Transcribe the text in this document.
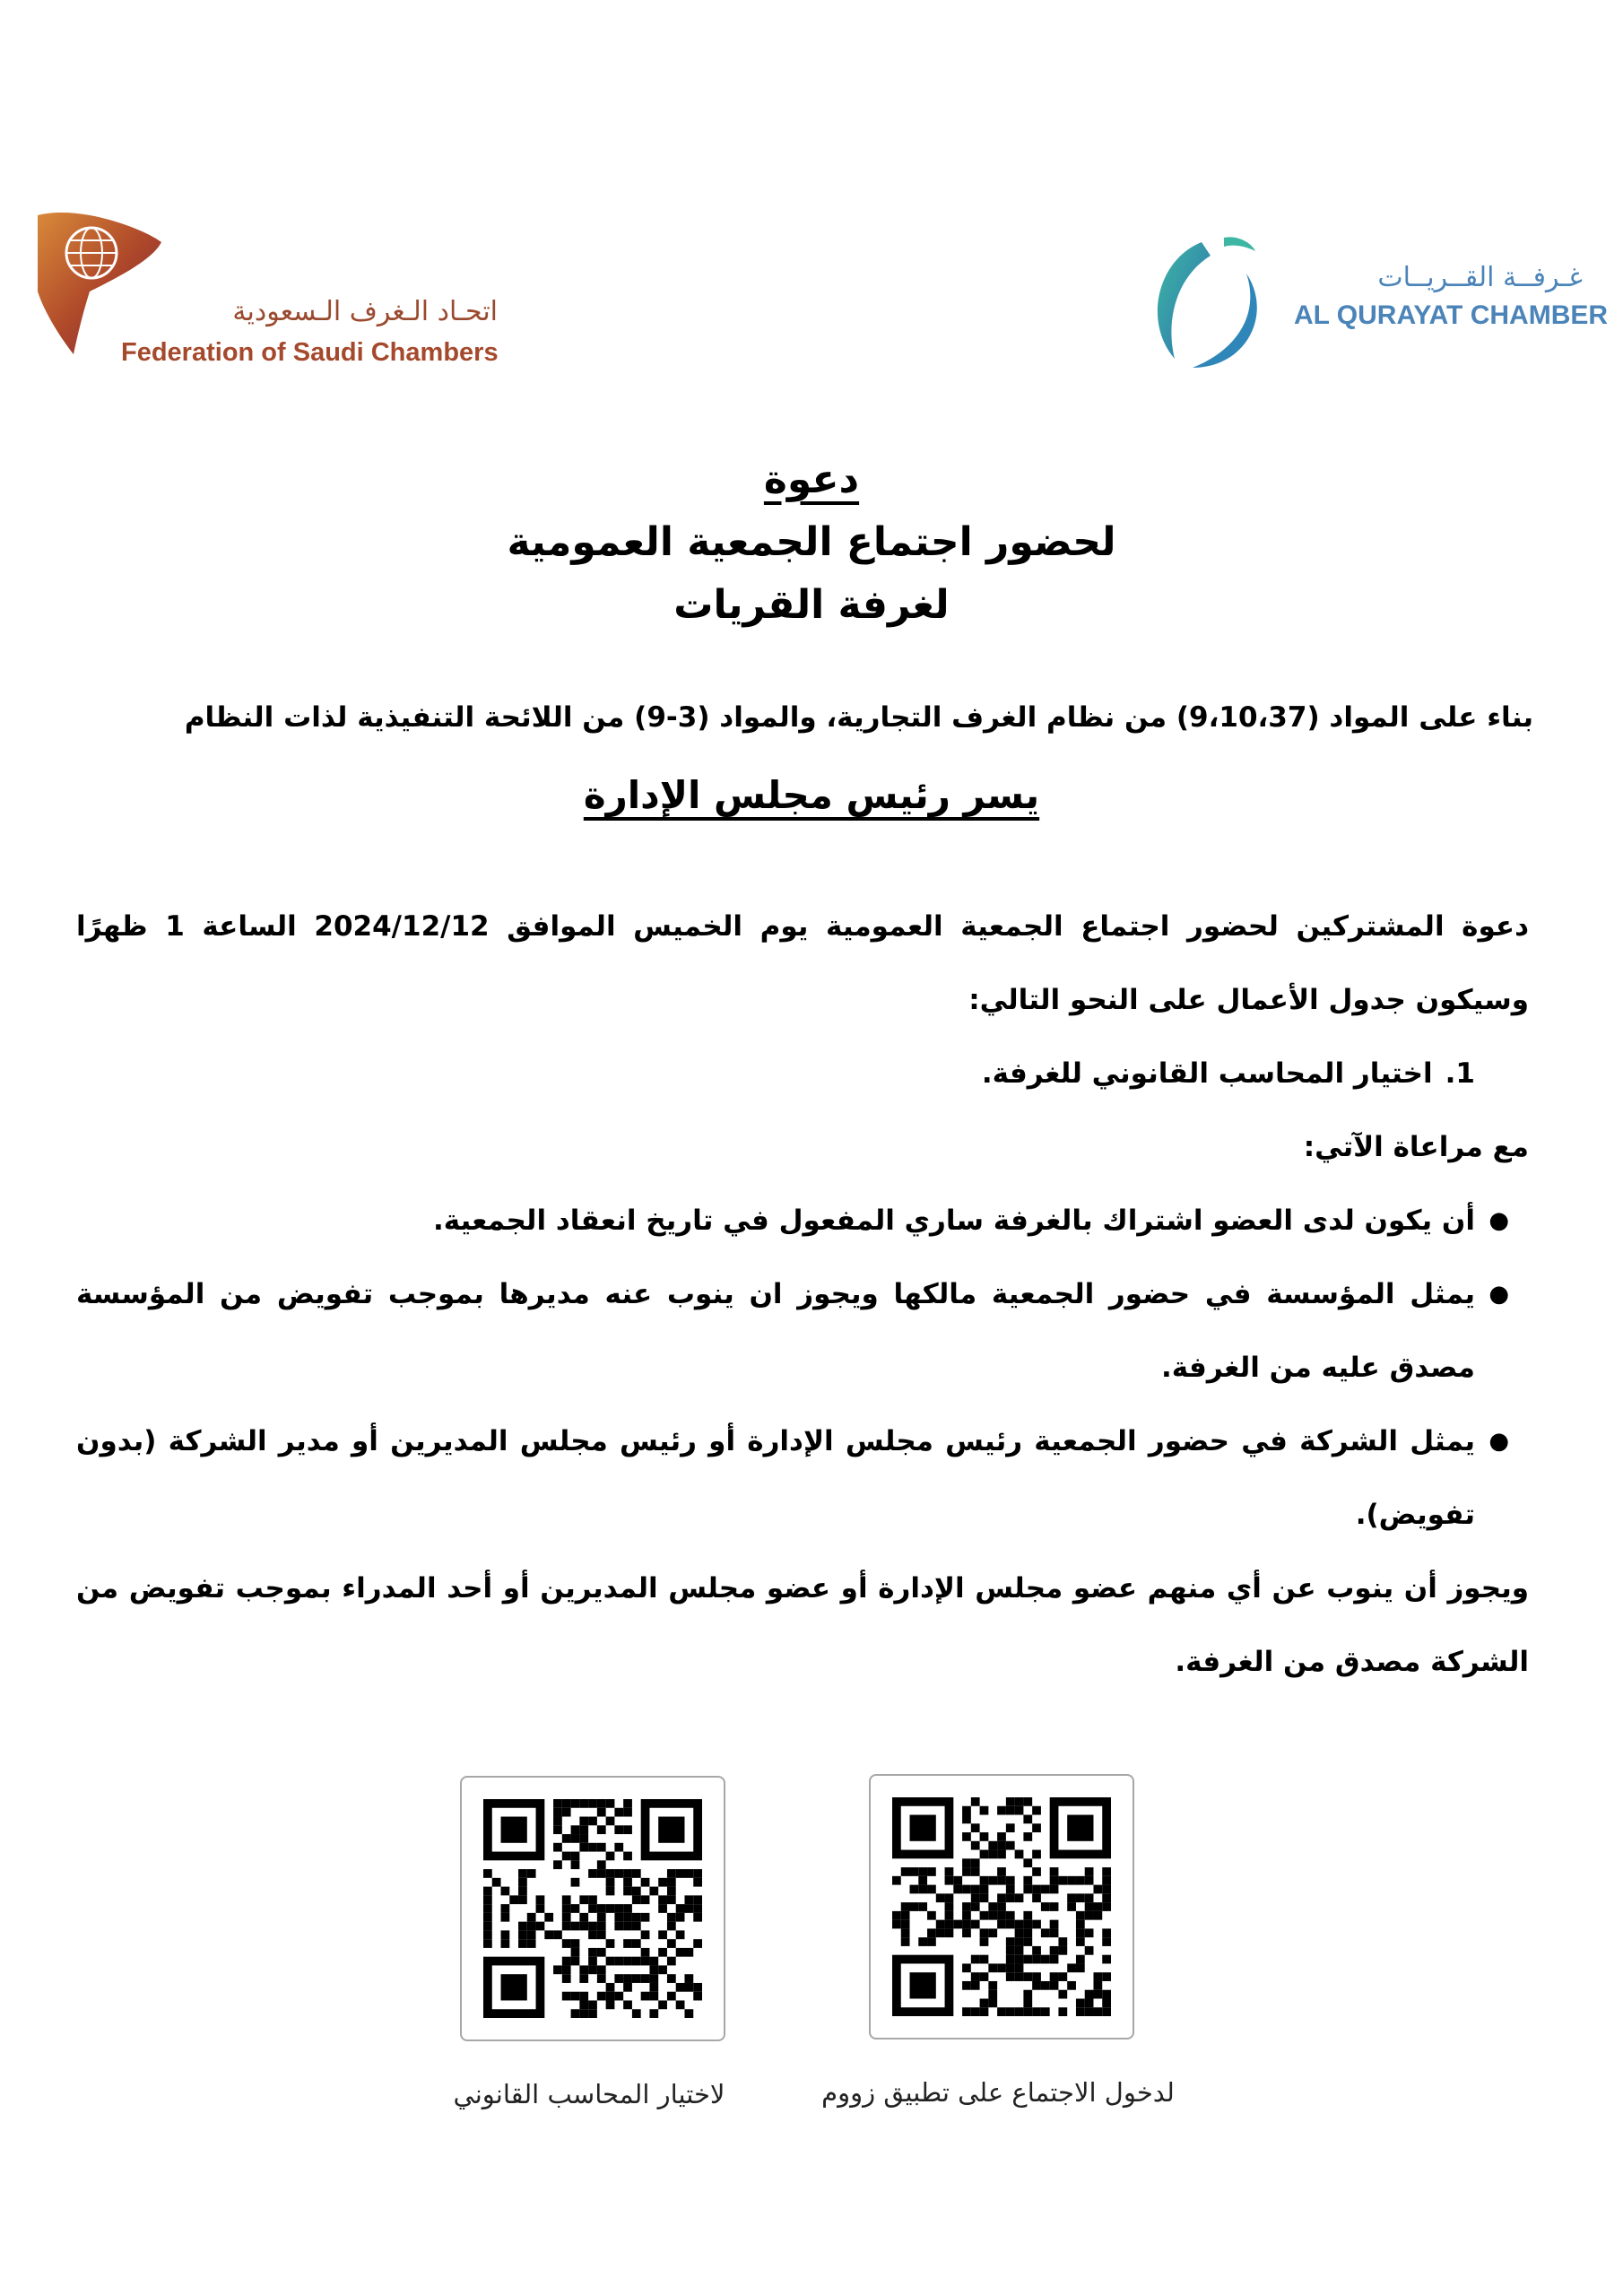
اتحـاد الـغرف الـسعودية
Federation of Saudi Chambers
غـرفــة القــريــات
AL QURAYAT CHAMBER
دعوة
لحضور اجتماع الجمعية العمومية
لغرفة القريات
بناء على المواد (9،10،37) من نظام الغرف التجارية، والمواد (3-9) من اللائحة التنفيذية لذات النظام
يسر رئيس مجلس الإدارة

دعوة المشتركين لحضور اجتماع الجمعية العمومية يوم الخميس الموافق 2024/12/12 الساعة 1 ظهرًا وسيكون جدول الأعمال على النحو التالي:

1.اختيار المحاسب القانوني للغرفة.

مع مراعاة الآتي:

●
أن يكون لدى العضو اشتراك بالغرفة ساري المفعول في تاريخ انعقاد الجمعية.
●
يمثل المؤسسة في حضور الجمعية مالكها ويجوز ان ينوب عنه مديرها بموجب تفويض من المؤسسة مصدق عليه من الغرفة.
●
يمثل الشركة في حضور الجمعية رئيس مجلس الإدارة أو رئيس مجلس المديرين أو مدير الشركة (بدون تفويض).

ويجوز أن ينوب عن أي منهم عضو مجلس الإدارة أو عضو مجلس المديرين أو أحد المدراء بموجب تفويض من الشركة مصدق من الغرفة.

لاختيار المحاسب القانوني	لدخول الاجتماع على تطبيق زووم
